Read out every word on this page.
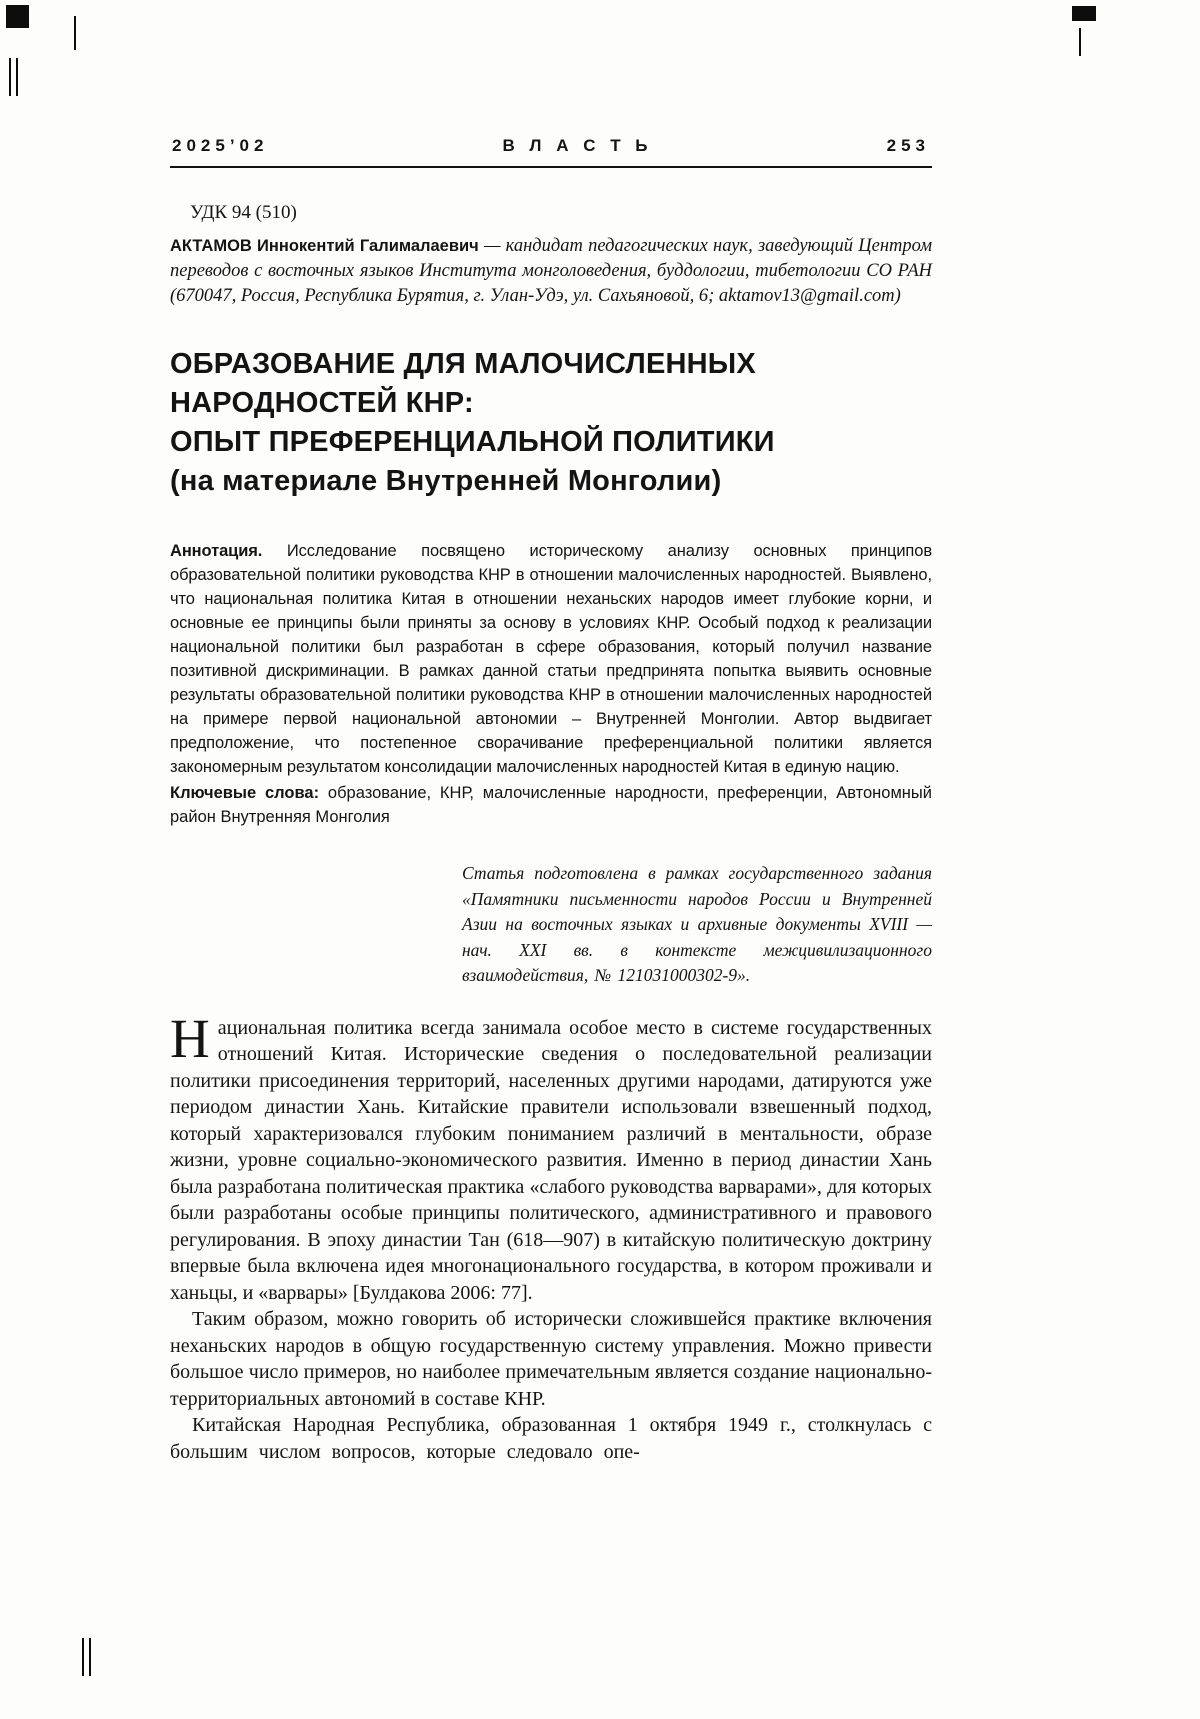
2025’02	В Л А С Т Ь	253
УДК 94 (510)
АКТАМОВ Иннокентий Галималаевич — кандидат педагогических наук, заведующий Центром переводов с восточных языков Института монголоведения, буддологии, тибетологии СО РАН (670047, Россия, Республика Бурятия, г. Улан-Удэ, ул. Сахьяновой, 6; aktamov13@gmail.com)
ОБРАЗОВАНИЕ ДЛЯ МАЛОЧИСЛЕННЫХ
НАРОДНОСТЕЙ КНР:
ОПЫТ ПРЕФЕРЕНЦИАЛЬНОЙ ПОЛИТИКИ
(на материале Внутренней Монголии)
Аннотация. Исследование посвящено историческому анализу основных принципов образовательной политики руководства КНР в отношении малочисленных народностей. Выявлено, что национальная политика Китая в отношении неханьских народов имеет глубокие корни, и основные ее принципы были приняты за основу в условиях КНР. Особый подход к реализации национальной политики был разработан в сфере образования, который получил название позитивной дискриминации. В рамках данной статьи предпринята попытка выявить основные результаты образовательной политики руководства КНР в отношении малочисленных народностей на примере первой национальной автономии – Внутренней Монголии. Автор выдвигает предположение, что постепенное сворачивание преференциальной политики является закономерным результатом консолидации малочисленных народностей Китая в единую нацию.
Ключевые слова: образование, КНР, малочисленные народности, преференции, Автономный район Внутренняя Монголия
Статья подготовлена в рамках государственного задания «Памятники письменности народов России и Внутренней Азии на восточных языках и архивные документы XVIII — нач. XXI вв. в контексте межцивилизационного взаимодействия, № 121031000302-9».

Национальная политика всегда занимала особое место в системе государственных отношений Китая. Исторические сведения о последовательной реализации политики присоединения территорий, населенных другими народами, датируются уже периодом династии Хань. Китайские правители использовали взвешенный подход, который характеризовался глубоким пониманием различий в ментальности, образе жизни, уровне социально-экономического развития. Именно в период династии Хань была разработана политическая практика «слабого руководства варварами», для которых были разработаны особые принципы политического, административного и правового регулирования. В эпоху династии Тан (618—907) в китайскую политическую доктрину впервые была включена идея многонационального государства, в котором проживали и ханьцы, и «варвары» [Булдакова 2006: 77].

Таким образом, можно говорить об исторически сложившейся практике включения неханьских народов в общую государственную систему управления. Можно привести большое число примеров, но наиболее примечательным является создание национально-территориальных автономий в составе КНР.

Китайская Народная Республика, образованная 1 октября 1949 г., столкнулась с большим числом вопросов, которые следовало опе-
